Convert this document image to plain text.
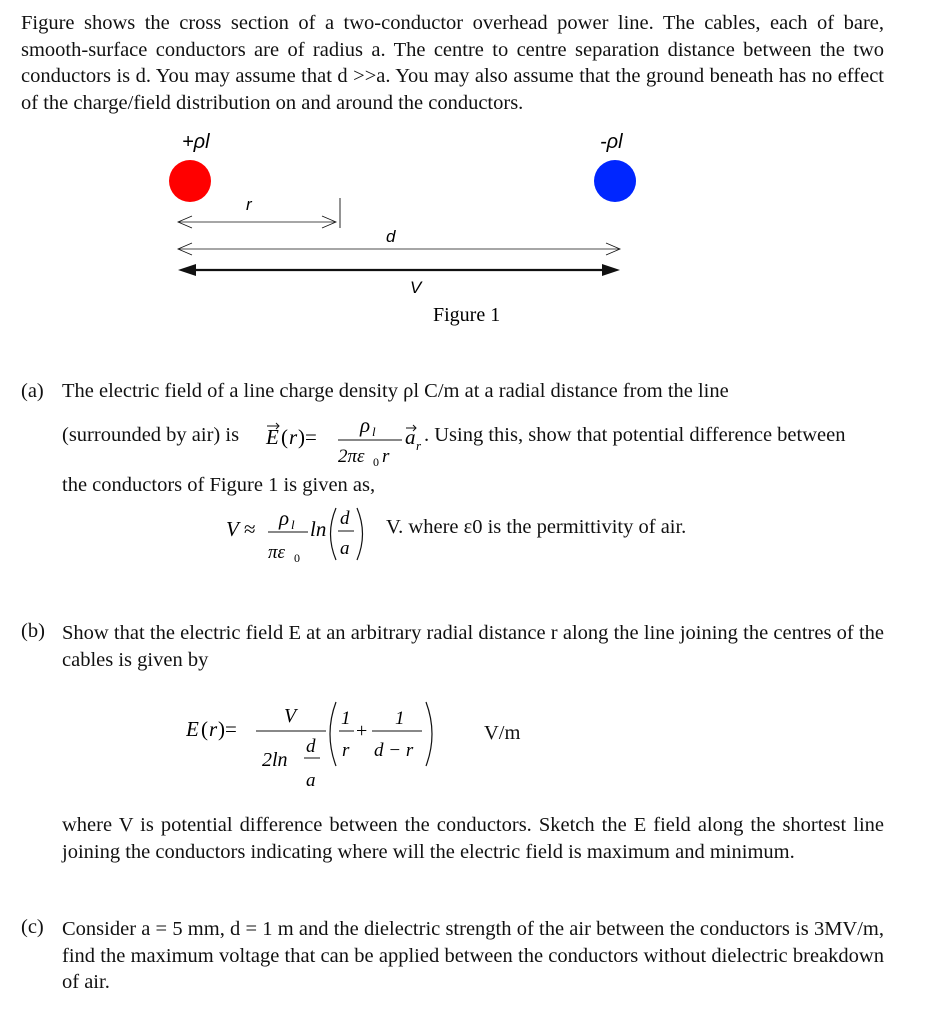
Figure shows the cross section of a two-conductor overhead power line. The cables, each of bare, smooth-surface conductors are of radius a. The centre to centre separation distance between the two conductors is d. You may assume that d >>a. You may also assume that the ground beneath has no effect of the charge/field distribution on and around the conductors.
+ρl	-ρl
r
d
V
Figure 1
(a) The electric field of a line charge density ρl C/m at a radial distance from the line
(surrounded by air) is E ( r )= ρ l
2πε 0 r
a r . Using this, show that potential difference between
the conductors of Figure 1 is given as,
V ≈ ρ l
πε 0
ln d
a
V. where ε0 is the permittivity of air.
(b) Show that the electric field E at an arbitrary radial distance r along the line joining the centres of the cables is given by
E ( r )=
V
2ln
d
a
1
r
+
1
d − r
V/m
where V is potential difference between the conductors. Sketch the E field along the shortest line joining the conductors indicating where will the electric field is maximum and minimum.
(c) Consider a = 5 mm, d = 1 m and the dielectric strength of the air between the conductors is 3MV/m, find the maximum voltage that can be applied between the conductors without dielectric breakdown of air.
